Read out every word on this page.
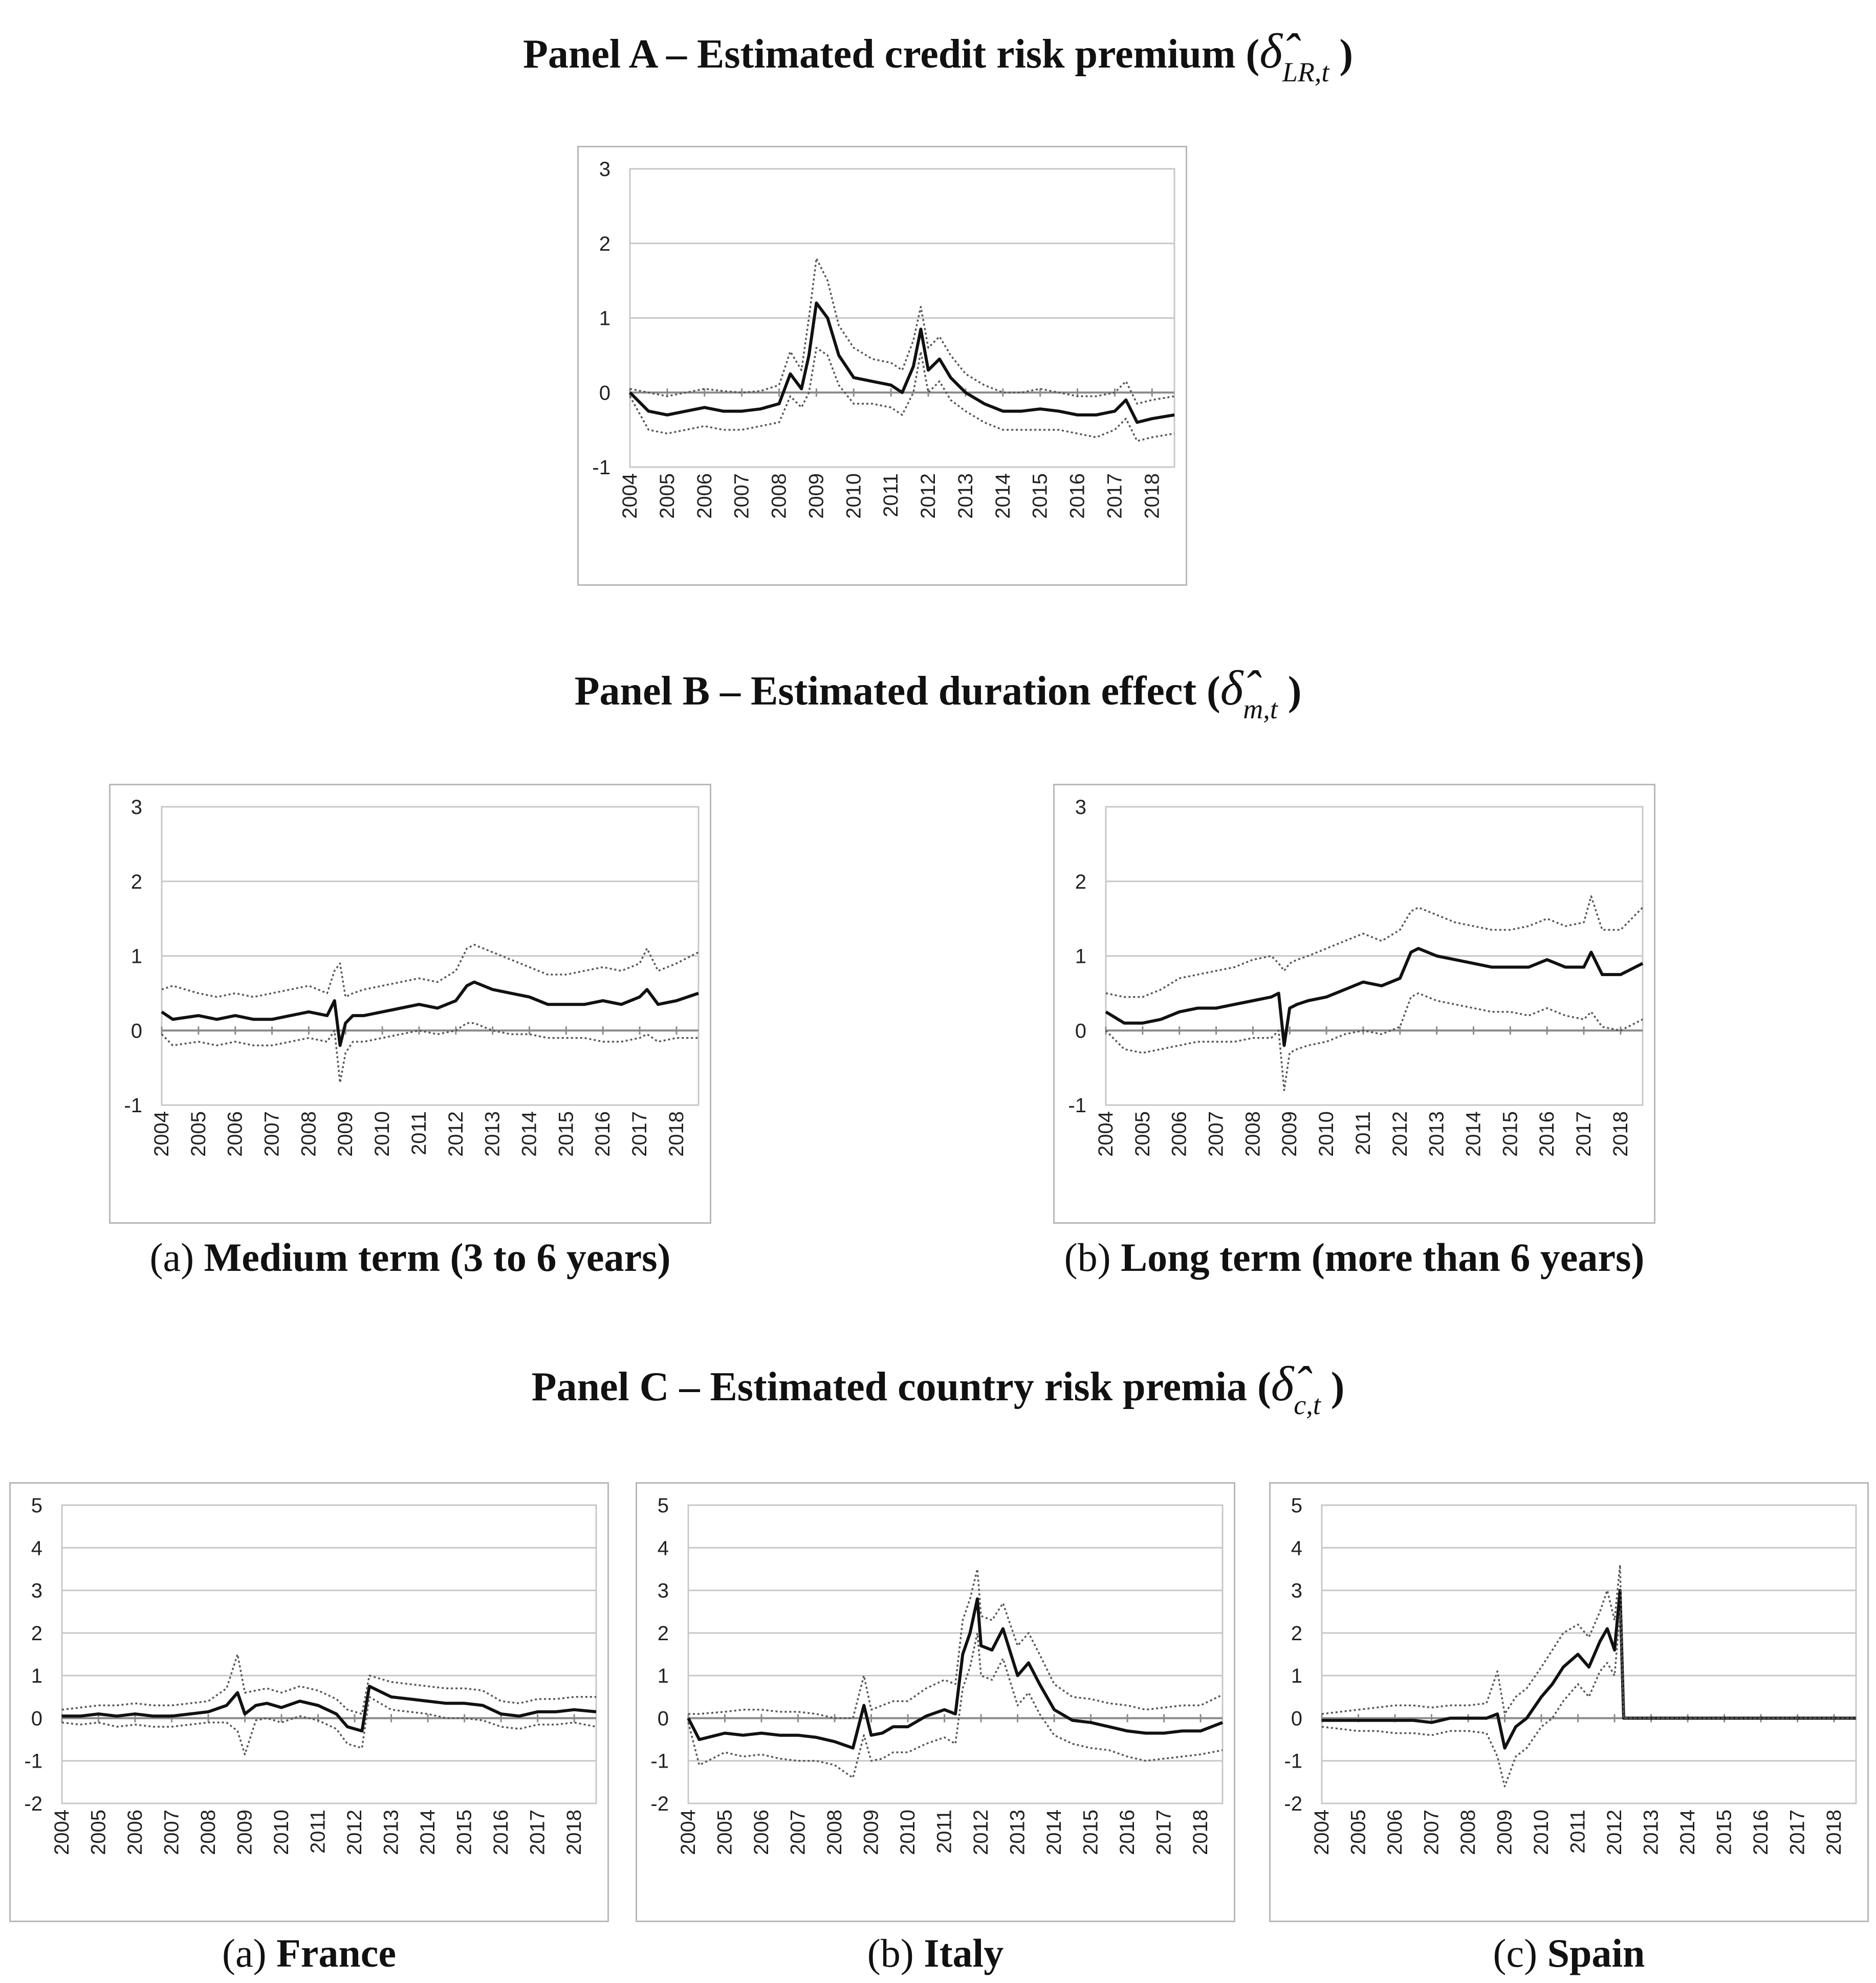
Panel A – Estimated credit risk premium ($\deltâ_{LR,t}$ )
-1
0
1
2
3
2004 2005 2006 2007 2008 2009 2010 2011 2012 2013 2014 2015 2016 2017 2018
Panel B – Estimated duration effect ($\deltâ_{m,t}$ )
-1
0
1
2
3
2004 2005 2006 2007 2008 2009 2010 2011 2012 2013 2014 2015 2016 2017 2018
-1
0
1
2
3
2004 2005 2006 2007 2008 2009 2010 2011 2012 2013 2014 2015 2016 2017 2018
(a) Medium term (3 to 6 years)	(b) Long term (more than 6 years)
Panel C – Estimated country risk premia ($\deltâ_{c,t}$ )
-2
-1
0
1
2
3
4
5
2004 2005 2006 2007 2008 2009 2010 2011 2012 2013 2014 2015 2016 2017 2018
-2
-1
0
1
2
3
4
5
2004 2005 2006 2007 2008 2009 2010 2011 2012 2013 2014 2015 2016 2017 2018
-2
-1
0
1
2
3
4
5
2004 2005 2006 2007 2008 2009 2010 2011 2012 2013 2014 2015 2016 2017 2018
(a) France	(b) Italy	(c) Spain
